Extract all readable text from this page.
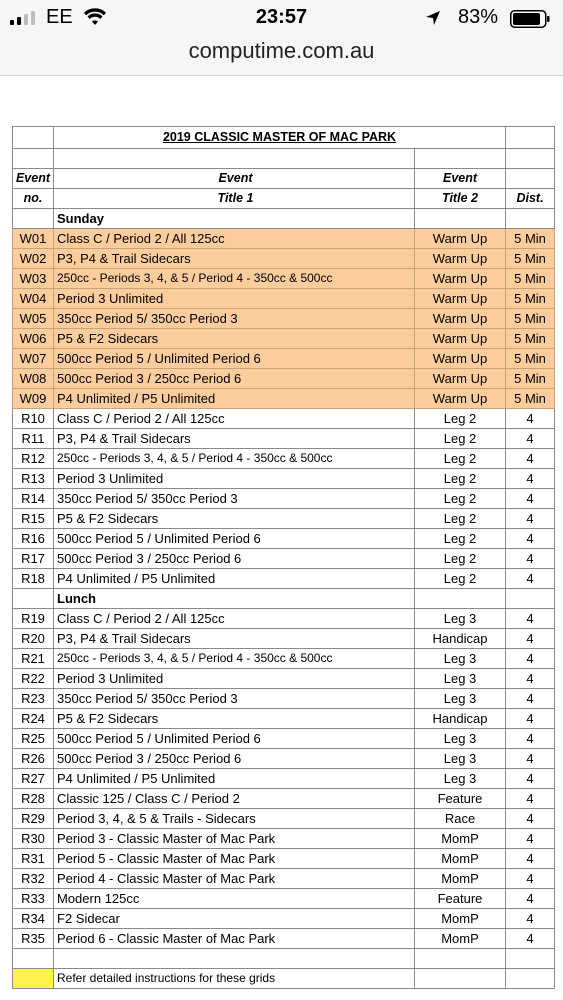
EE	23:57	83%
computime.com.au
	2019 CLASSIC MASTER OF MAC PARK		

Event	Event	Event	
no.	Title 1	Title 2	Dist.
	Sunday		
W01	Class C / Period 2 / All 125cc	Warm Up	5 Min
W02	P3, P4 & Trail Sidecars	Warm Up	5 Min
W03	250cc - Periods 3, 4, & 5 / Period 4 - 350cc & 500cc	Warm Up	5 Min
W04	Period 3 Unlimited	Warm Up	5 Min
W05	350cc Period 5/ 350cc Period 3	Warm Up	5 Min
W06	P5 & F2 Sidecars	Warm Up	5 Min
W07	500cc Period 5 / Unlimited Period 6	Warm Up	5 Min
W08	500cc Period 3 / 250cc Period 6	Warm Up	5 Min
W09	P4 Unlimited / P5 Unlimited	Warm Up	5 Min
R10	Class C / Period 2 / All 125cc	Leg 2	4
R11	P3, P4 & Trail Sidecars	Leg 2	4
R12	250cc - Periods 3, 4, & 5 / Period 4 - 350cc & 500cc	Leg 2	4
R13	Period 3 Unlimited	Leg 2	4
R14	350cc Period 5/ 350cc Period 3	Leg 2	4
R15	P5 & F2 Sidecars	Leg 2	4
R16	500cc Period 5 / Unlimited Period 6	Leg 2	4
R17	500cc Period 3 / 250cc Period 6	Leg 2	4
R18	P4 Unlimited / P5 Unlimited	Leg 2	4
	Lunch		
R19	Class C / Period 2 / All 125cc	Leg 3	4
R20	P3, P4 & Trail Sidecars	Handicap	4
R21	250cc - Periods 3, 4, & 5 / Period 4 - 350cc & 500cc	Leg 3	4
R22	Period 3 Unlimited	Leg 3	4
R23	350cc Period 5/ 350cc Period 3	Leg 3	4
R24	P5 & F2 Sidecars	Handicap	4
R25	500cc Period 5 / Unlimited Period 6	Leg 3	4
R26	500cc Period 3 / 250cc Period 6	Leg 3	4
R27	P4 Unlimited / P5 Unlimited	Leg 3	4
R28	Classic 125 / Class C / Period 2	Feature	4
R29	Period 3, 4, & 5 & Trails - Sidecars	Race	4
R30	Period 3 - Classic Master of Mac Park	MomP	4
R31	Period 5 - Classic Master of Mac Park	MomP	4
R32	Period 4 - Classic Master of Mac Park	MomP	4
R33	Modern 125cc	Feature	4
R34	F2 Sidecar	MomP	4
R35	Period 6 - Classic Master of Mac Park	MomP	4

	Refer detailed instructions for these grids		
